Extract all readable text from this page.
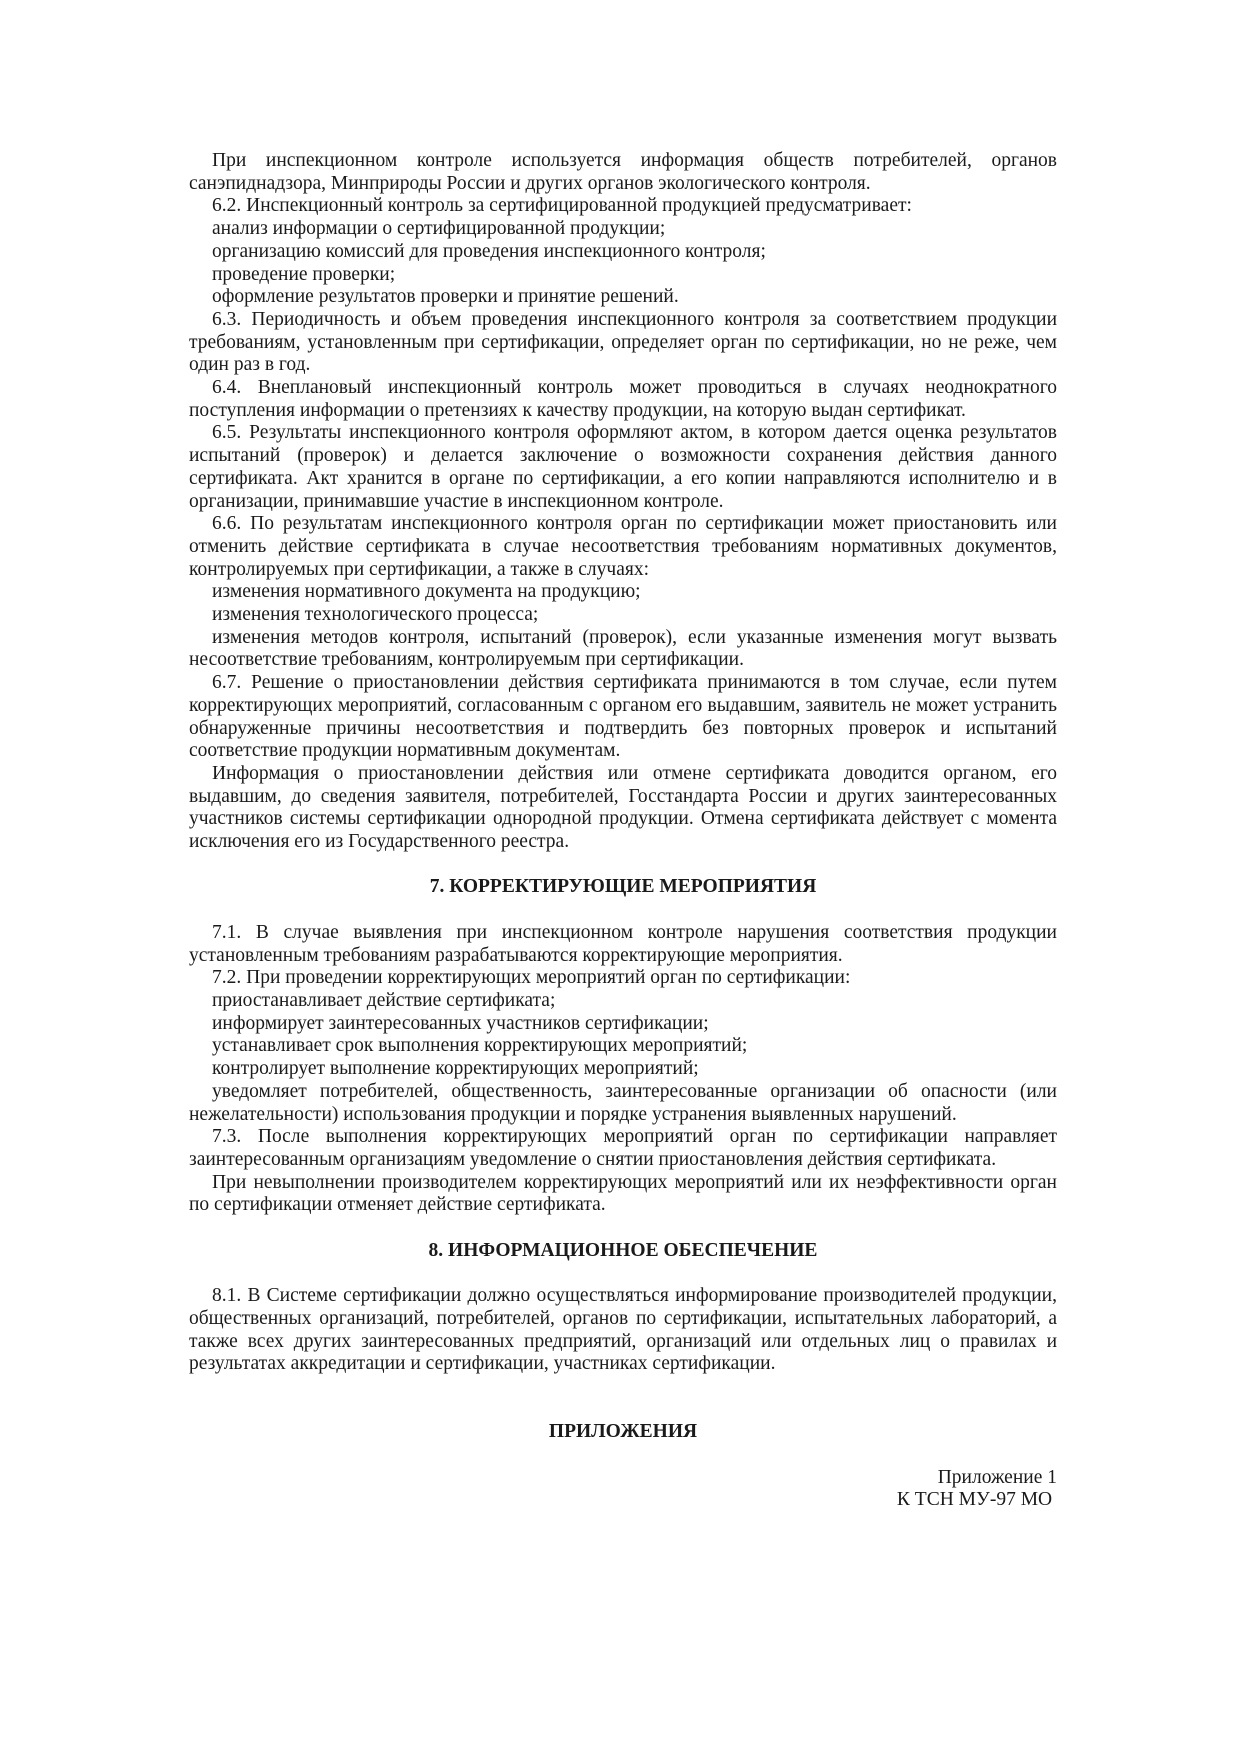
При инспекционном контроле используется информация обществ потребителей, органов санэпиднадзора, Минприроды России и других органов экологического контроля.

6.2. Инспекционный контроль за сертифицированной продукцией предусматривает:

анализ информации о сертифицированной продукции;

организацию комиссий для проведения инспекционного контроля;

проведение проверки;

оформление результатов проверки и принятие решений.

6.3. Периодичность и объем проведения инспекционного контроля за соответствием продукции требованиям, установленным при сертификации, определяет орган по сертификации, но не реже, чем один раз в год.

6.4. Внеплановый инспекционный контроль может проводиться в случаях неоднократного поступления информации о претензиях к качеству продукции, на которую выдан сертификат.

6.5. Результаты инспекционного контроля оформляют актом, в котором дается оценка результатов испытаний (проверок) и делается заключение о возможности сохранения действия данного сертификата. Акт хранится в органе по сертификации, а его копии направляются исполнителю и в организации, принимавшие участие в инспекционном контроле.

6.6. По результатам инспекционного контроля орган по сертификации может приостановить или отменить действие сертификата в случае несоответствия требованиям нормативных документов, контролируемых при сертификации, а также в случаях:

изменения нормативного документа на продукцию;

изменения технологического процесса;

изменения методов контроля, испытаний (проверок), если указанные изменения могут вызвать несоответствие требованиям, контролируемым при сертификации.

6.7. Решение о приостановлении действия сертификата принимаются в том случае, если путем корректирующих мероприятий, согласованным с органом его выдавшим, заявитель не может устранить обнаруженные причины несоответствия и подтвердить без повторных проверок и испытаний соответствие продукции нормативным документам.

Информация о приостановлении действия или отмене сертификата доводится органом, его выдавшим, до сведения заявителя, потребителей, Госстандарта России и других заинтересованных участников системы сертификации однородной продукции. Отмена сертификата действует с момента исключения его из Государственного реестра.

7. КОРРЕКТИРУЮЩИЕ МЕРОПРИЯТИЯ

7.1. В случае выявления при инспекционном контроле нарушения соответствия продукции установленным требованиям разрабатываются корректирующие мероприятия.

7.2. При проведении корректирующих мероприятий орган по сертификации:

приостанавливает действие сертификата;

информирует заинтересованных участников сертификации;

устанавливает срок выполнения корректирующих мероприятий;

контролирует выполнение корректирующих мероприятий;

уведомляет потребителей, общественность, заинтересованные организации об опасности (или нежелательности) использования продукции и порядке устранения выявленных нарушений.

7.3. После выполнения корректирующих мероприятий орган по сертификации направляет заинтересованным организациям уведомление о снятии приостановления действия сертификата.

При невыполнении производителем корректирующих мероприятий или их неэффективности орган по сертификации отменяет действие сертификата.

8. ИНФОРМАЦИОННОЕ ОБЕСПЕЧЕНИЕ

8.1. В Системе сертификации должно осуществляться информирование производителей продукции, общественных организаций, потребителей, органов по сертификации, испытательных лабораторий, а также всех других заинтересованных предприятий, организаций или отдельных лиц о правилах и результатах аккредитации и сертификации, участниках сертификации.

ПРИЛОЖЕНИЯ

Приложение 1

К ТСН МУ-97 МО
